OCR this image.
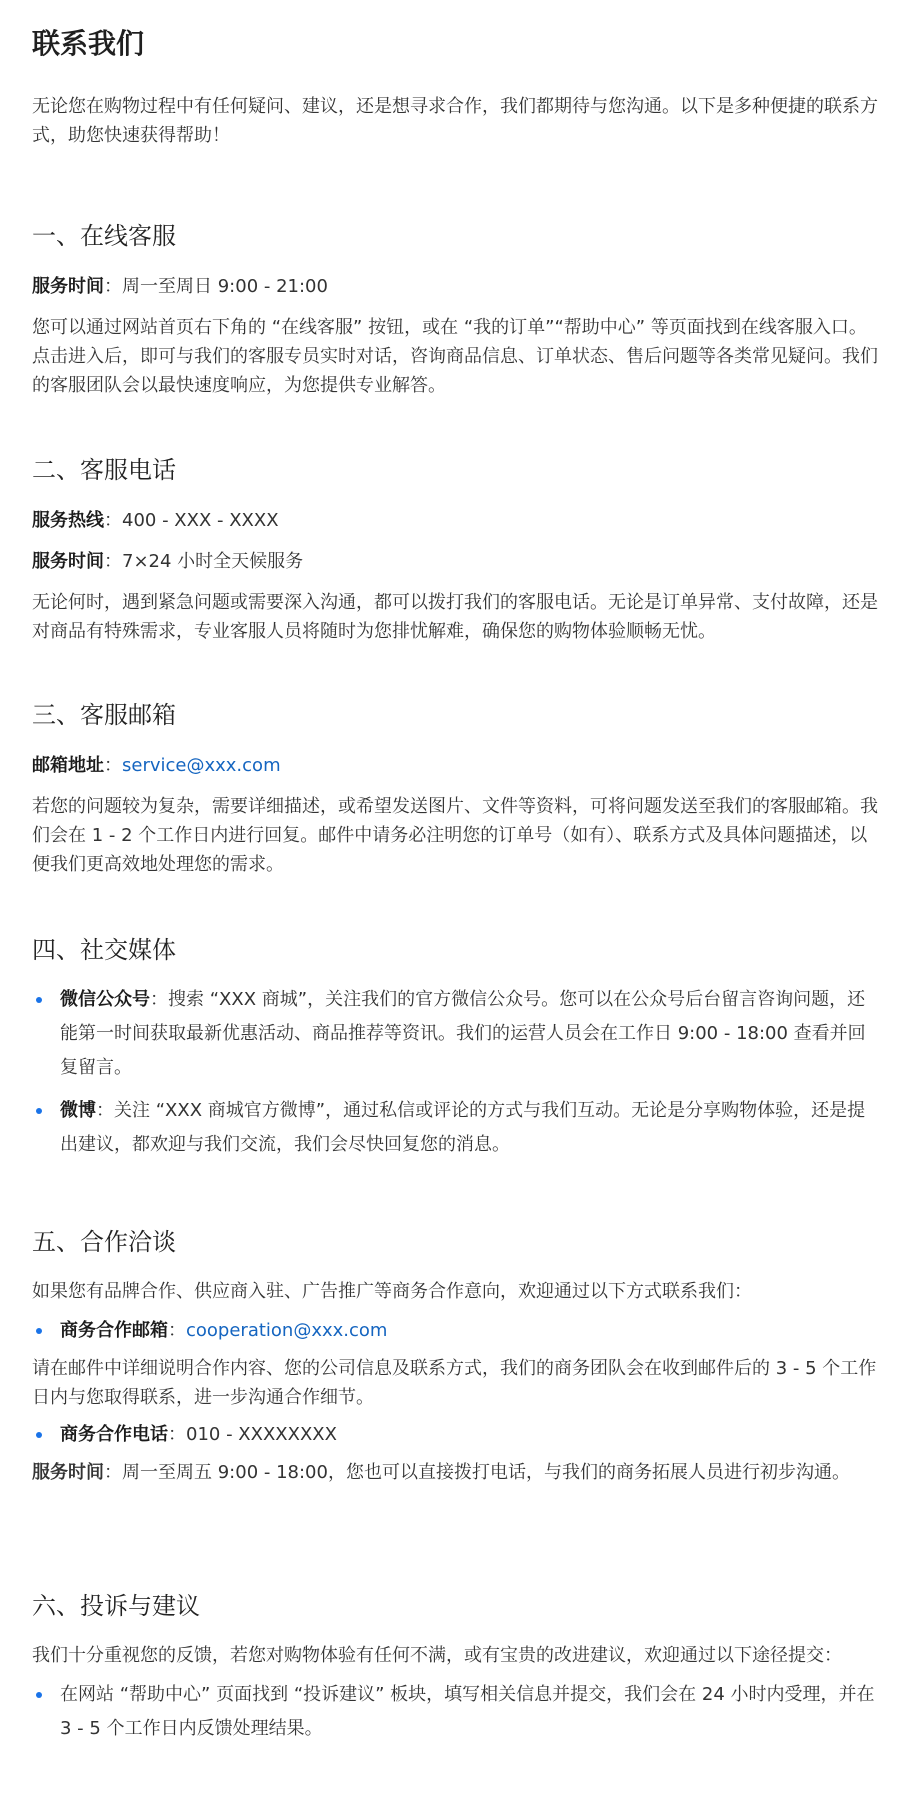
联系我们

无论您在购物过程中有任何疑问、建议，还是想寻求合作，我们都期待与您沟通。以下是多种便捷的联系方式，助您快速获得帮助！

一、在线客服
服务时间：周一至周日 9:00 - 21:00

您可以通过网站首页右下角的 “在线客服” 按钮，或在 “我的订单”“帮助中心” 等页面找到在线客服入口。点击进入后，即可与我们的客服专员实时对话，咨询商品信息、订单状态、售后问题等各类常见疑问。我们的客服团队会以最快速度响应，为您提供专业解答。

二、客服电话
服务热线：400 - XXX - XXXX
服务时间：7×24 小时全天候服务

无论何时，遇到紧急问题或需要深入沟通，都可以拨打我们的客服电话。无论是订单异常、支付故障，还是对商品有特殊需求，专业客服人员将随时为您排忧解难，确保您的购物体验顺畅无忧。

三、客服邮箱
邮箱地址：service@xxx.com

若您的问题较为复杂，需要详细描述，或希望发送图片、文件等资料，可将问题发送至我们的客服邮箱。我们会在 1 - 2 个工作日内进行回复。邮件中请务必注明您的订单号（如有）、联系方式及具体问题描述，以便我们更高效地处理您的需求。

四、社交媒体
微信公众号：搜索 “XXX 商城”，关注我们的官方微信公众号。您可以在公众号后台留言咨询问题，还能第一时间获取最新优惠活动、商品推荐等资讯。我们的运营人员会在工作日 9:00 - 18:00 查看并回复留言。
微博：关注 “XXX 商城官方微博”，通过私信或评论的方式与我们互动。无论是分享购物体验，还是提出建议，都欢迎与我们交流，我们会尽快回复您的消息。
五、合作洽谈

如果您有品牌合作、供应商入驻、广告推广等商务合作意向，欢迎通过以下方式联系我们：

商务合作邮箱：cooperation@xxx.com

请在邮件中详细说明合作内容、您的公司信息及联系方式，我们的商务团队会在收到邮件后的 3 - 5 个工作日内与您取得联系，进一步沟通合作细节。

商务合作电话：010 - XXXXXXXX

服务时间：周一至周五 9:00 - 18:00，您也可以直接拨打电话，与我们的商务拓展人员进行初步沟通。

六、投诉与建议

我们十分重视您的反馈，若您对购物体验有任何不满，或有宝贵的改进建议，欢迎通过以下途径提交：

在网站 “帮助中心” 页面找到 “投诉建议” 板块，填写相关信息并提交，我们会在 24 小时内受理，并在 3 - 5 个工作日内反馈处理结果。
